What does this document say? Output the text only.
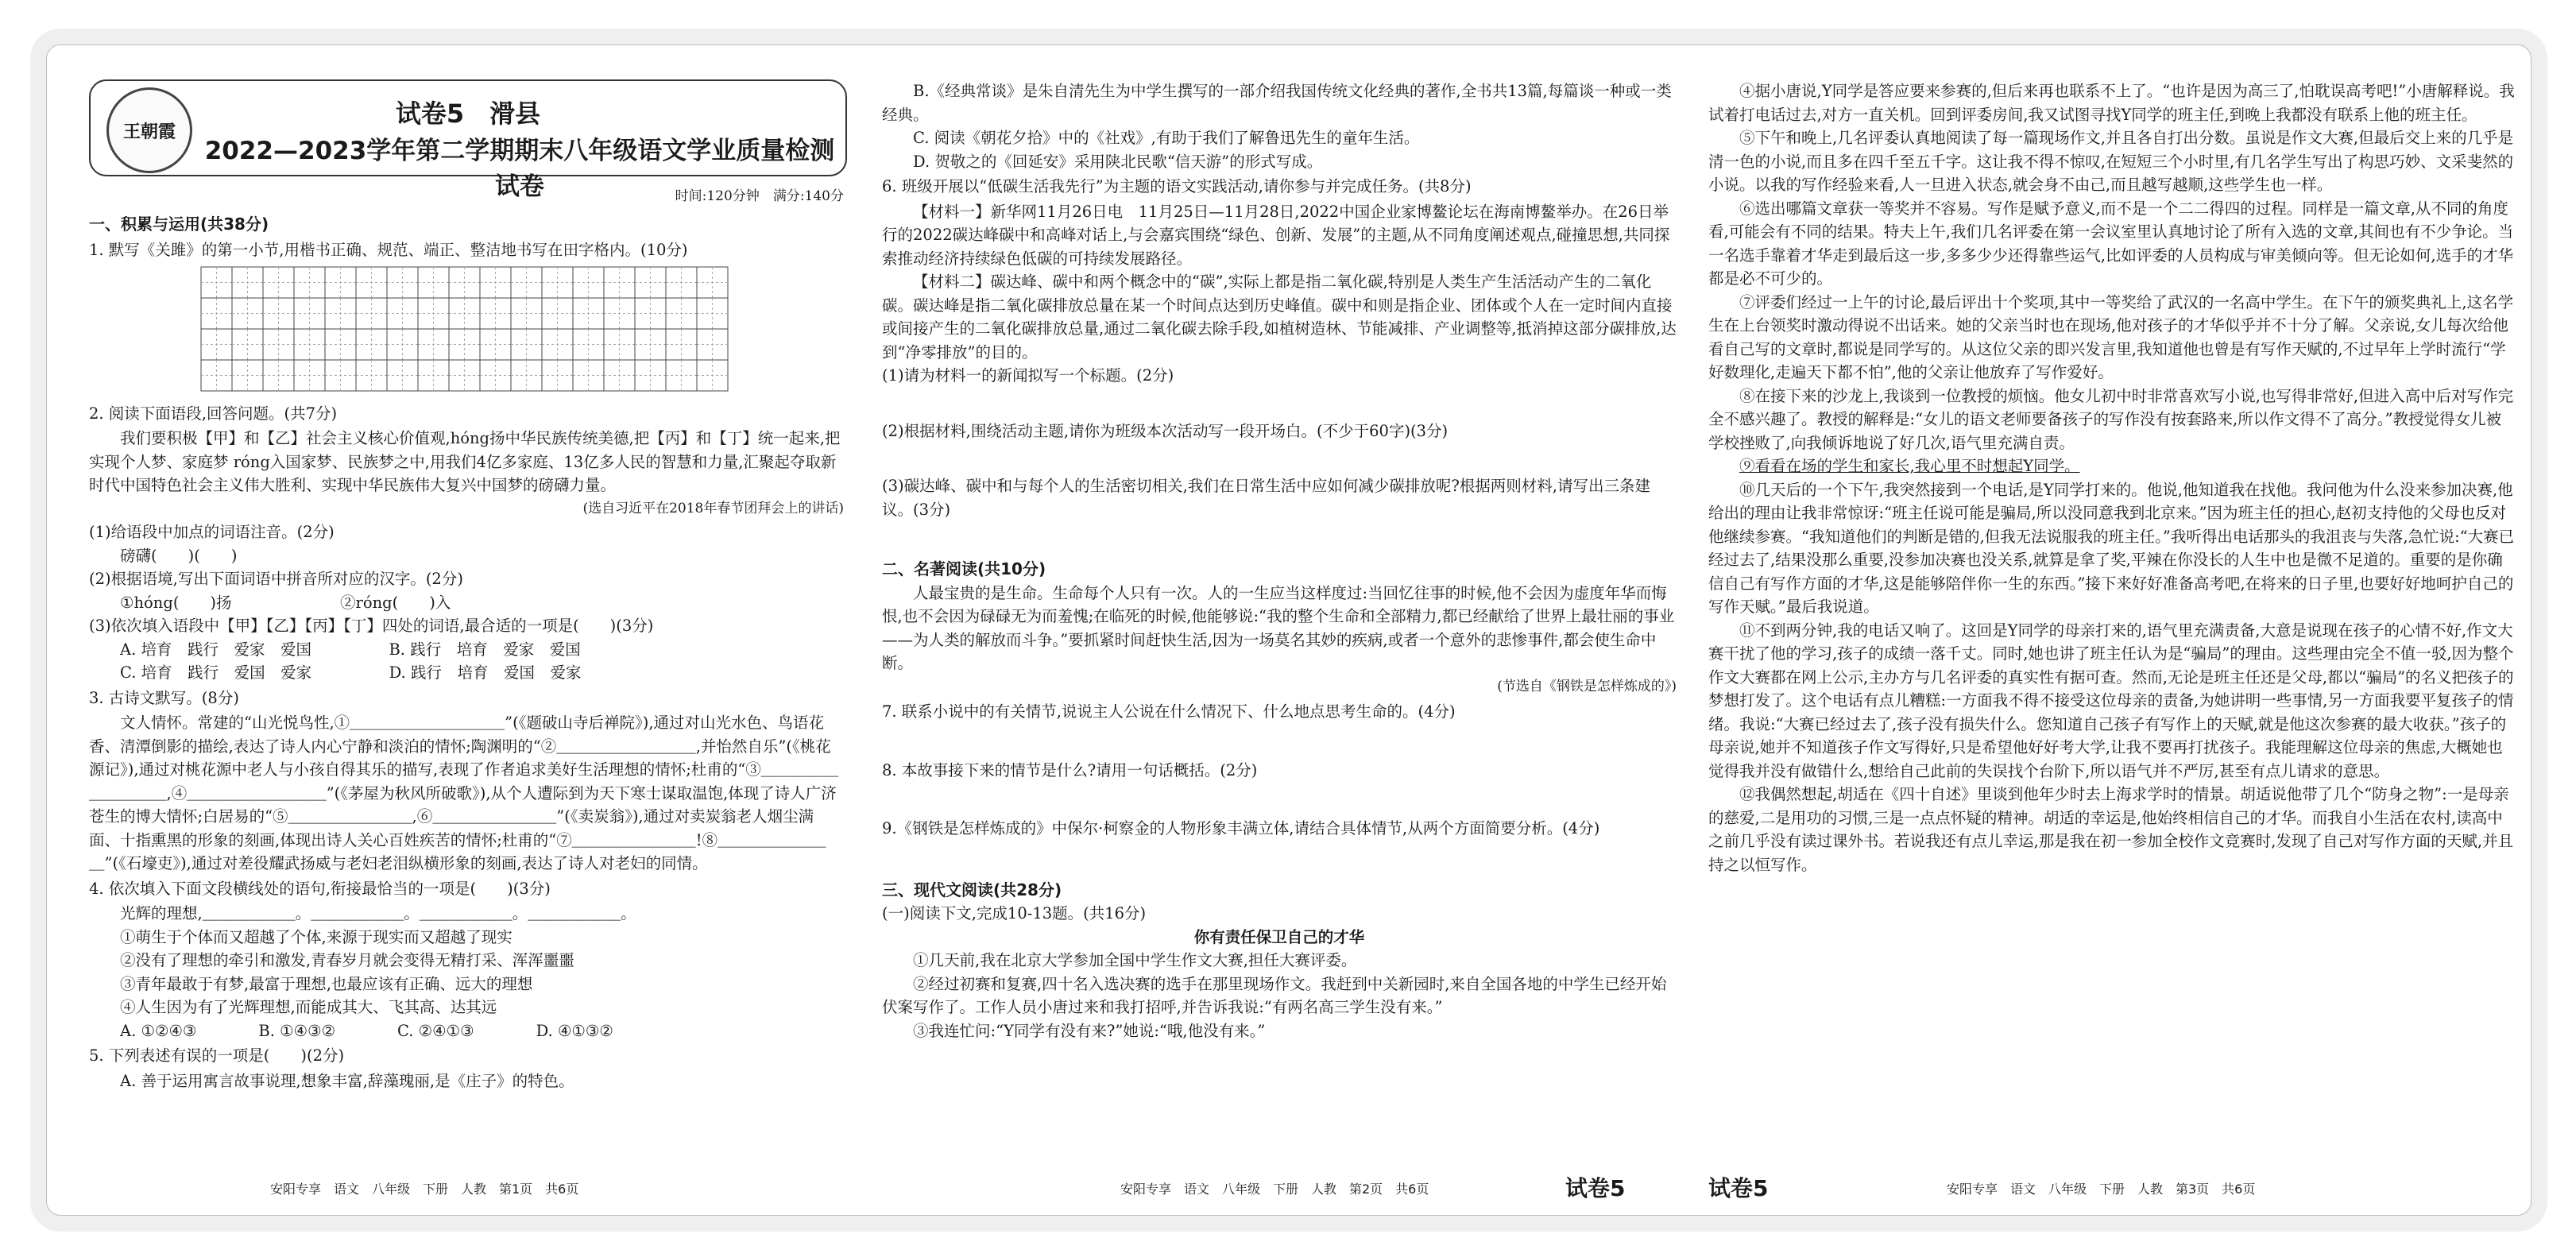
王朝霞
试卷5　滑县
2022—2023学年第二学期期末八年级语文学业质量检测试卷	时间:120分钟　满分:140分

一、积累与运用(共38分)

1. 默写《关雎》的第一小节,用楷书正确、规范、端正、整洁地书写在田字格内。(10分)

2. 阅读下面语段,回答问题。(共7分)

我们要积极【甲】和【乙】社会主义核心价值观,hóng扬中华民族传统美德,把【丙】和【丁】统一起来,把实现个人梦、家庭梦 róng入国家梦、民族梦之中,用我们4亿多家庭、13亿多人民的智慧和力量,汇聚起夺取新时代中国特色社会主义伟大胜利、实现中华民族伟大复兴中国梦的磅礴力量。

(选自习近平在2018年春节团拜会上的讲话)

(1)给语段中加点的词语注音。(2分)

磅礴(　　)(　　)

(2)根据语境,写出下面词语中拼音所对应的汉字。(2分)

①hóng(　　)扬　　　　　　　②róng(　　)入

(3)依次填入语段中【甲】【乙】【丙】【丁】四处的词语,最合适的一项是(　　)(3分)

A. 培育　践行　爱家　爱国　　　　　B. 践行　培育　爱家　爱国

C. 培育　践行　爱国　爱家　　　　　D. 践行　培育　爱国　爱家

3. 古诗文默写。(8分)

文人情怀。常建的“山光悦鸟性,①＿＿＿＿＿＿＿＿＿＿”(《题破山寺后禅院》),通过对山光水色、鸟语花香、清潭倒影的描绘,表达了诗人内心宁静和淡泊的情怀;陶渊明的“②＿＿＿＿＿＿＿＿＿,并怡然自乐”(《桃花源记》),通过对桃花源中老人与小孩自得其乐的描写,表现了作者追求美好生活理想的情怀;杜甫的“③＿＿＿＿＿＿＿＿＿＿,④＿＿＿＿＿＿＿＿＿”(《茅屋为秋风所破歌》),从个人遭际到为天下寒士谋取温饱,体现了诗人广济苍生的博大情怀;白居易的“⑤＿＿＿＿＿＿＿＿,⑥＿＿＿＿＿＿＿＿”(《卖炭翁》),通过对卖炭翁老人烟尘满面、十指熏黑的形象的刻画,体现出诗人关心百姓疾苦的情怀;杜甫的“⑦＿＿＿＿＿＿＿＿!⑧＿＿＿＿＿＿＿＿”(《石壕吏》),通过对差役耀武扬威与老妇老泪纵横形象的刻画,表达了诗人对老妇的同情。

4. 依次填入下面文段横线处的语句,衔接最恰当的一项是(　　)(3分)

光辉的理想,＿＿＿＿＿＿。＿＿＿＿＿＿。＿＿＿＿＿＿。＿＿＿＿＿＿。

①萌生于个体而又超越了个体,来源于现实而又超越了现实

②没有了理想的牵引和激发,青春岁月就会变得无精打采、浑浑噩噩

③青年最敢于有梦,最富于理想,也最应该有正确、远大的理想

④人生因为有了光辉理想,而能成其大、飞其高、达其远

A. ①②④③　　　　B. ①④③②　　　　C. ②④①③　　　　D. ④①③②

5. 下列表述有误的一项是(　　)(2分)

A. 善于运用寓言故事说理,想象丰富,辞藻瑰丽,是《庄子》的特色。

B.《经典常谈》是朱自清先生为中学生撰写的一部介绍我国传统文化经典的著作,全书共13篇,每篇谈一种或一类经典。

C. 阅读《朝花夕拾》中的《社戏》,有助于我们了解鲁迅先生的童年生活。

D. 贺敬之的《回延安》采用陕北民歌“信天游”的形式写成。

6. 班级开展以“低碳生活我先行”为主题的语文实践活动,请你参与并完成任务。(共8分)

【材料一】新华网11月26日电　11月25日—11月28日,2022中国企业家博鳌论坛在海南博鳌举办。在26日举行的2022碳达峰碳中和高峰对话上,与会嘉宾围绕“绿色、创新、发展”的主题,从不同角度阐述观点,碰撞思想,共同探索推动经济持续绿色低碳的可持续发展路径。

【材料二】碳达峰、碳中和两个概念中的“碳”,实际上都是指二氧化碳,特别是人类生产生活活动产生的二氧化碳。碳达峰是指二氧化碳排放总量在某一个时间点达到历史峰值。碳中和则是指企业、团体或个人在一定时间内直接或间接产生的二氧化碳排放总量,通过二氧化碳去除手段,如植树造林、节能减排、产业调整等,抵消掉这部分碳排放,达到“净零排放”的目的。

(1)请为材料一的新闻拟写一个标题。(2分)

(2)根据材料,围绕活动主题,请你为班级本次活动写一段开场白。(不少于60字)(3分)

(3)碳达峰、碳中和与每个人的生活密切相关,我们在日常生活中应如何减少碳排放呢?根据两则材料,请写出三条建议。(3分)

二、名著阅读(共10分)

人最宝贵的是生命。生命每个人只有一次。人的一生应当这样度过:当回忆往事的时候,他不会因为虚度年华而悔恨,也不会因为碌碌无为而羞愧;在临死的时候,他能够说:“我的整个生命和全部精力,都已经献给了世界上最壮丽的事业——为人类的解放而斗争。”要抓紧时间赶快生活,因为一场莫名其妙的疾病,或者一个意外的悲惨事件,都会使生命中断。

(节选自《钢铁是怎样炼成的》)

7. 联系小说中的有关情节,说说主人公说在什么情况下、什么地点思考生命的。(4分)

8. 本故事接下来的情节是什么?请用一句话概括。(2分)

9.《钢铁是怎样炼成的》中保尔·柯察金的人物形象丰满立体,请结合具体情节,从两个方面简要分析。(4分)

三、现代文阅读(共28分)

(一)阅读下文,完成10-13题。(共16分)

你有责任保卫自己的才华

①几天前,我在北京大学参加全国中学生作文大赛,担任大赛评委。

②经过初赛和复赛,四十名入选决赛的选手在那里现场作文。我赶到中关新园时,来自全国各地的中学生已经开始伏案写作了。工作人员小唐过来和我打招呼,并告诉我说:“有两名高三学生没有来。”

③我连忙问:“Y同学有没有来?”她说:“哦,他没有来。”

④据小唐说,Y同学是答应要来参赛的,但后来再也联系不上了。“也许是因为高三了,怕耽误高考吧!”小唐解释说。我试着打电话过去,对方一直关机。回到评委房间,我又试图寻找Y同学的班主任,到晚上我都没有联系上他的班主任。

⑤下午和晚上,几名评委认真地阅读了每一篇现场作文,并且各自打出分数。虽说是作文大赛,但最后交上来的几乎是清一色的小说,而且多在四千至五千字。这让我不得不惊叹,在短短三个小时里,有几名学生写出了构思巧妙、文采斐然的小说。以我的写作经验来看,人一旦进入状态,就会身不由己,而且越写越顺,这些学生也一样。

⑥选出哪篇文章获一等奖并不容易。写作是赋予意义,而不是一个二二得四的过程。同样是一篇文章,从不同的角度看,可能会有不同的结果。特夫上午,我们几名评委在第一会议室里认真地讨论了所有入选的文章,其间也有不少争论。当一名选手靠着才华走到最后这一步,多多少少还得靠些运气,比如评委的人员构成与审美倾向等。但无论如何,选手的才华都是必不可少的。

⑦评委们经过一上午的讨论,最后评出十个奖项,其中一等奖给了武汉的一名高中学生。在下午的颁奖典礼上,这名学生在上台领奖时激动得说不出话来。她的父亲当时也在现场,他对孩子的才华似乎并不十分了解。父亲说,女儿每次给他看自己写的文章时,都说是同学写的。从这位父亲的即兴发言里,我知道他也曾是有写作天赋的,不过早年上学时流行“学好数理化,走遍天下都不怕”,他的父亲让他放弃了写作爱好。

⑧在接下来的沙龙上,我谈到一位教授的烦恼。他女儿初中时非常喜欢写小说,也写得非常好,但进入高中后对写作完全不感兴趣了。教授的解释是:“女儿的语文老师要备孩子的写作没有按套路来,所以作文得不了高分。”教授觉得女儿被学校挫败了,向我倾诉地说了好几次,语气里充满自责。

⑨看看在场的学生和家长,我心里不时想起Y同学。

⑩几天后的一个下午,我突然接到一个电话,是Y同学打来的。他说,他知道我在找他。我问他为什么没来参加决赛,他给出的理由让我非常惊讶:“班主任说可能是骗局,所以没同意我到北京来。”因为班主任的担心,赵初支持他的父母也反对他继续参赛。“我知道他们的判断是错的,但我无法说服我的班主任。”我听得出电话那头的我沮丧与失落,急忙说:“大赛已经过去了,结果没那么重要,没参加决赛也没关系,就算是拿了奖,平辣在你没长的人生中也是微不足道的。重要的是你确信自己有写作方面的才华,这是能够陪伴你一生的东西。”接下来好好准备高考吧,在将来的日子里,也要好好地呵护自己的写作天赋。”最后我说道。

⑪不到两分钟,我的电话又响了。这回是Y同学的母亲打来的,语气里充满责备,大意是说现在孩子的心情不好,作文大赛干扰了他的学习,孩子的成绩一落千丈。同时,她也讲了班主任认为是“骗局”的理由。这些理由完全不值一驳,因为整个作文大赛都在网上公示,主办方与几名评委的真实性有据可查。然而,无论是班主任还是父母,都以“骗局”的名义把孩子的梦想打发了。这个电话有点儿糟糕:一方面我不得不接受这位母亲的责备,为她讲明一些事情,另一方面我要平复孩子的情绪。我说:“大赛已经过去了,孩子没有损失什么。您知道自己孩子有写作上的天赋,就是他这次参赛的最大收获。”孩子的母亲说,她并不知道孩子作文写得好,只是希望他好好考大学,让我不要再打扰孩子。我能理解这位母亲的焦虑,大概她也觉得我并没有做错什么,想给自己此前的失误找个台阶下,所以语气并不严厉,甚至有点儿请求的意思。

⑫我偶然想起,胡适在《四十自述》里谈到他年少时去上海求学时的情景。胡适说他带了几个“防身之物”:一是母亲的慈爱,二是用功的习惯,三是一点点怀疑的精神。胡适的幸运是,他始终相信自己的才华。而我自小生活在农村,读高中之前几乎没有读过课外书。若说我还有点儿幸运,那是我在初一参加全校作文竞赛时,发现了自己对写作方面的天赋,并且持之以恒写作。

安阳专享　语文　八年级　下册　人教　第1页　共6页	安阳专享　语文　八年级　下册　人教　第2页　共6页	试卷5	试卷5	安阳专享　语文　八年级　下册　人教　第3页　共6页
